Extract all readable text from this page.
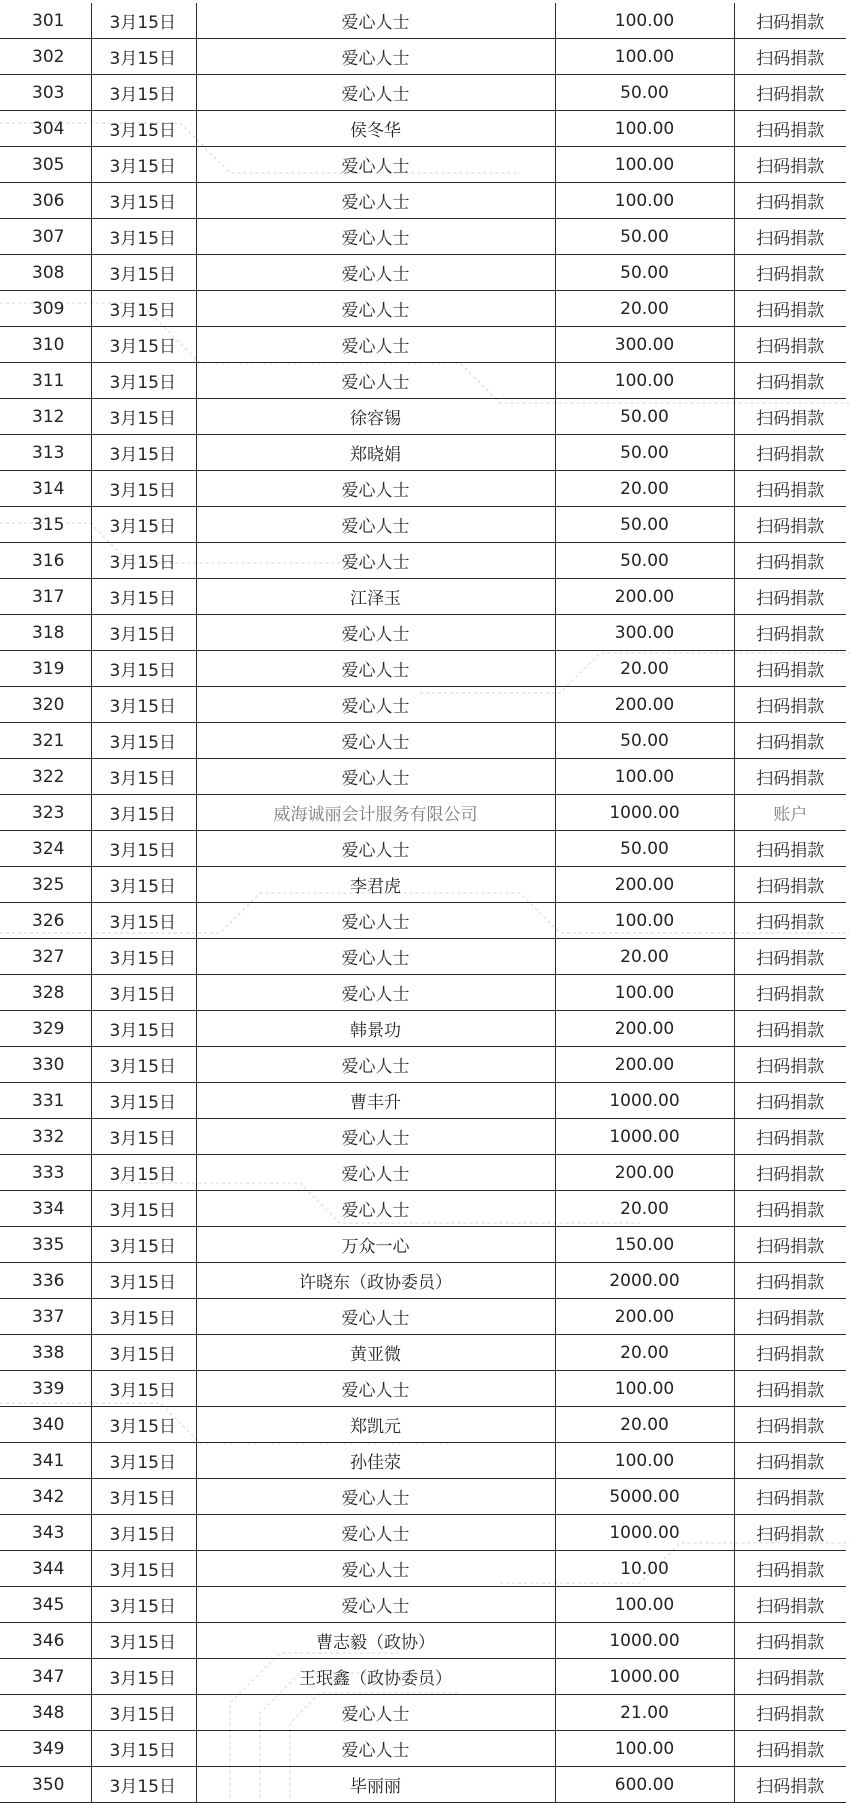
301	3月15日	爱心人士	100.00	扫码捐款
302	3月15日	爱心人士	100.00	扫码捐款
303	3月15日	爱心人士	50.00	扫码捐款
304	3月15日	侯冬华	100.00	扫码捐款
305	3月15日	爱心人士	100.00	扫码捐款
306	3月15日	爱心人士	100.00	扫码捐款
307	3月15日	爱心人士	50.00	扫码捐款
308	3月15日	爱心人士	50.00	扫码捐款
309	3月15日	爱心人士	20.00	扫码捐款
310	3月15日	爱心人士	300.00	扫码捐款
311	3月15日	爱心人士	100.00	扫码捐款
312	3月15日	徐容锡	50.00	扫码捐款
313	3月15日	郑晓娟	50.00	扫码捐款
314	3月15日	爱心人士	20.00	扫码捐款
315	3月15日	爱心人士	50.00	扫码捐款
316	3月15日	爱心人士	50.00	扫码捐款
317	3月15日	江泽玉	200.00	扫码捐款
318	3月15日	爱心人士	300.00	扫码捐款
319	3月15日	爱心人士	20.00	扫码捐款
320	3月15日	爱心人士	200.00	扫码捐款
321	3月15日	爱心人士	50.00	扫码捐款
322	3月15日	爱心人士	100.00	扫码捐款
323	3月15日	威海诚丽会计服务有限公司	1000.00	账户
324	3月15日	爱心人士	50.00	扫码捐款
325	3月15日	李君虎	200.00	扫码捐款
326	3月15日	爱心人士	100.00	扫码捐款
327	3月15日	爱心人士	20.00	扫码捐款
328	3月15日	爱心人士	100.00	扫码捐款
329	3月15日	韩景功	200.00	扫码捐款
330	3月15日	爱心人士	200.00	扫码捐款
331	3月15日	曹丰升	1000.00	扫码捐款
332	3月15日	爱心人士	1000.00	扫码捐款
333	3月15日	爱心人士	200.00	扫码捐款
334	3月15日	爱心人士	20.00	扫码捐款
335	3月15日	万众一心	150.00	扫码捐款
336	3月15日	许晓东（政协委员）	2000.00	扫码捐款
337	3月15日	爱心人士	200.00	扫码捐款
338	3月15日	黄亚微	20.00	扫码捐款
339	3月15日	爱心人士	100.00	扫码捐款
340	3月15日	郑凯元	20.00	扫码捐款
341	3月15日	孙佳荥	100.00	扫码捐款
342	3月15日	爱心人士	5000.00	扫码捐款
343	3月15日	爱心人士	1000.00	扫码捐款
344	3月15日	爱心人士	10.00	扫码捐款
345	3月15日	爱心人士	100.00	扫码捐款
346	3月15日	曹志毅（政协）	1000.00	扫码捐款
347	3月15日	王珉鑫（政协委员）	1000.00	扫码捐款
348	3月15日	爱心人士	21.00	扫码捐款
349	3月15日	爱心人士	100.00	扫码捐款
350	3月15日	毕丽丽	600.00	扫码捐款
